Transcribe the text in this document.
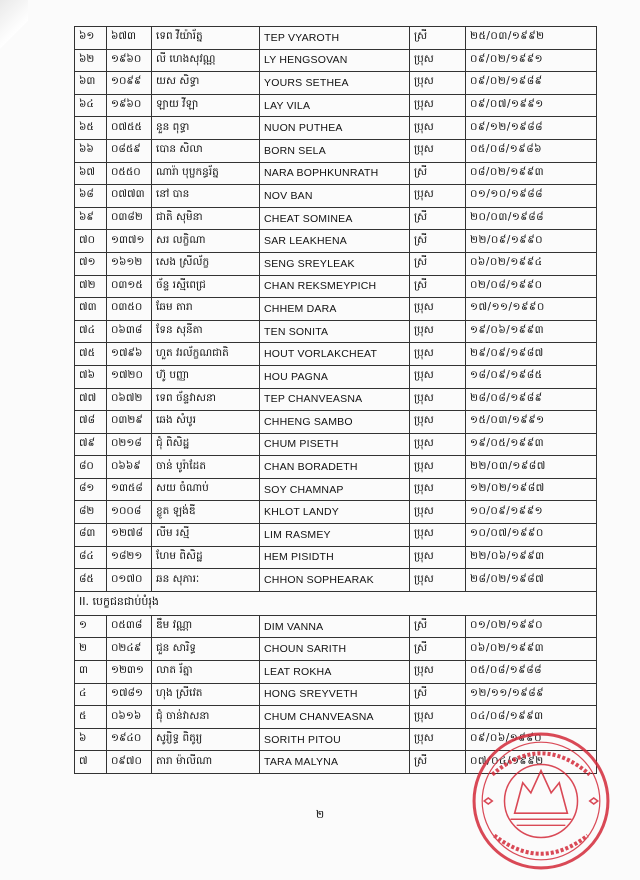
៦១	៦៧៣	ទេព វីយ៉ារ័ត្ន	TEP VYAROTH	ស្រី	២៥/០៣/១៩៩២
៦២	១៩៦០	លី ហេងសុវណ្ណ	LY HENGSOVAN	ប្រុស	០៩/០២/១៩៩១
៦៣	១០៩៩	យស សិទ្ធា	YOURS SETHEA	ប្រុស	០៩/០២/១៩៨៩
៦៤	១៩៦០	ឡាយ វីឡា	LAY VILA	ប្រុស	០៩/០៧/១៩៩១
៦៥	០៧៥៥	នួន ពុទ្ធា	NUON PUTHEA	ប្រុស	០៩/១២/១៩៨៨
៦៦	០៨៥៩	បោន សិលា	BORN SELA	ប្រុស	០៥/០៨/១៩៨៦
៦៧	០៥៥០	ណារ៉ា បុប្ផកន្ធរ័ត្ន	NARA BOPHKUNRATH	ស្រី	០៨/០២/១៩៩៣
៦៨	០៧៧៣	នៅ បាន	NOV BAN	ប្រុស	០១/១០/១៩៨៨
៦៩	០៣៨២	ជាតិ សុមិនា	CHEAT SOMINEA	ស្រី	២០/០៣/១៩៨៨
៧០	១៣៧១	សរ លក្ខិណា	SAR LEAKHENA	ស្រី	២២/០៩/១៩៩០
៧១	១៦១២	សេង ស្រីល័ក្ខ	SENG SREYLEAK	ស្រី	០៦/០២/១៩៩៤
៧២	០៣១៥	ច័ន្ទ រស្មីពេជ្រ	CHAN REKSMEYPICH	ស្រី	០២/០៨/១៩៩០
៧៣	០៣៥០	ឆែម តារា	CHHEM DARA	ប្រុស	១៧/១១/១៩៩០
៧៤	០៦៣៨	ទែន សុនីតា	TEN SONITA	ប្រុស	១៩/០៦/១៩៩៣
៧៥	១៧៩៦	ហួត វរល័ក្ខណជាតិ	HOUT VORLAKCHEAT	ប្រុស	២៩/០៩/១៩៨៧
៧៦	១៧២០	ហ៊ូ បញ្ញា	HOU PAGNA	ប្រុស	១៨/០៩/១៩៨៥
៧៧	០៦៧២	ទេព ច័ន្ទវាសនា	TEP CHANVEASNA	ប្រុស	២៨/០៨/១៩៨៩
៧៨	០៣២៩	ឆេង សំបូរ	CHHENG SAMBO	ប្រុស	១៥/០៣/១៩៩១
៧៩	០២១៨	ជុំ ពិសិដ្ឋ	CHUM PISETH	ប្រុស	១៩/០៥/១៩៩៣
៨០	០៦៦៩	ចាន់ បូរ៉ាដែត	CHAN BORADETH	ប្រុស	២២/០៣/១៩៨៧
៨១	១៣៥៨	សយ ចំណាប់	SOY CHAMNAP	ប្រុស	១២/០២/១៩៨៧
៨២	១០០៨	ខ្លូត ឡង់ឌី	KHLOT LANDY	ប្រុស	១០/០៩/១៩៩១
៨៣	១២៧៨	លីម រស្មី	LIM RASMEY	ប្រុស	១០/០៧/១៩៩០
៨៤	១៨២១	ហែម ពិសិដ្ឋ	HEM PISIDTH	ប្រុស	២២/០៦/១៩៩៣
៨៥	០១៧០	ឆន សុភារៈ	CHHON SOPHEARAK	ប្រុស	២៨/០២/១៩៨៧
II. បេក្ខជនជាប់បំរុង					
១	០៥៣៨	ឌឹម វណ្ណា	DIM VANNA	ស្រី	០១/០២/១៩៩០
២	០២៤៩	ជួន សារិទ្ធ	CHOUN SARITH	ស្រី	០៦/០២/១៩៩៣
៣	១២៣១	លាត រ័ត្នា	LEAT ROKHA	ប្រុស	០៥/០៨/១៩៨៨
៤	១៧៨១	ហុង ស្រីវេត	HONG SREYVETH	ស្រី	១២/១១/១៩៨៩
៥	០៦១៦	ជុំ ចាន់វាសនា	CHUM CHANVEASNA	ប្រុស	០៤/០៨/១៩៩៣
៦	១៩៤០	សូរ្យិទ្ធ ពិតូរ្យ	SORITH PITOU	ប្រុស	០៩/០៦/១៩៩០
៧	០៩៧០	តារា ម៉ាលីណា	TARA MALYNA	ស្រី	០៧/០៤/១៩៩២
២
